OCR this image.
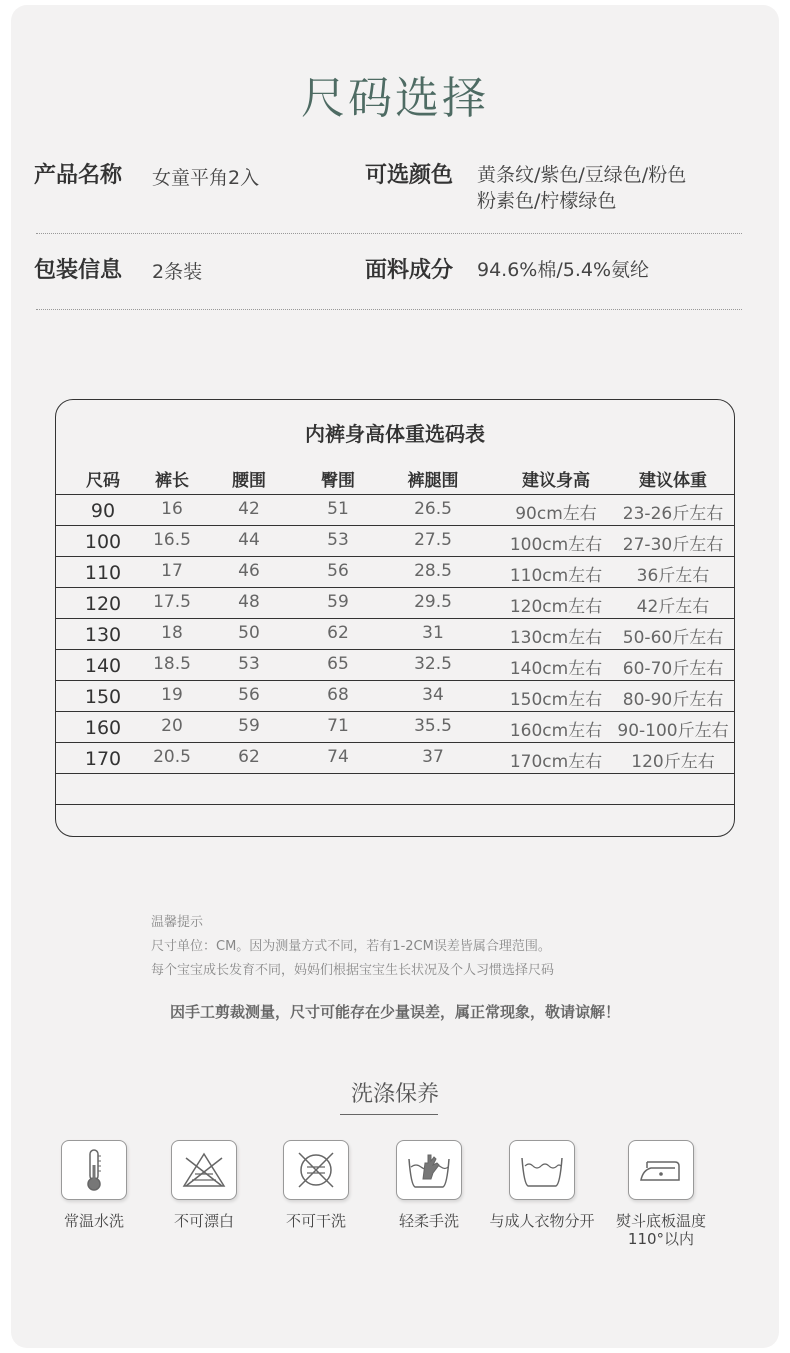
尺码选择
产品名称 女童平角2入	可选颜色 黄条纹/紫色/豆绿色/粉色
粉素色/柠檬绿色
包装信息 2条装	面料成分 94.6%棉/5.4%氨纶
内裤身高体重选码表
尺码 裤长	腰围	臀围	裤腿围	建议身高	建议体重
90	16	42	51	26.5	90cm左右 23-26斤左右
100 16.5	44	53	27.5	100cm左右 27-30斤左右
110 17	46	56	28.5	110cm左右 36斤左右
120 17.5	48	59	29.5	120cm左右 42斤左右
130 18	50	62	31	130cm左右 50-60斤左右
140 18.5	53	65	32.5	140cm左右 60-70斤左右
150 19	56	68	34	150cm左右 80-90斤左右
160 20	59	71	35.5	160cm左右 90-100斤左右
170 20.5	62	74	37	170cm左右 120斤左右
温馨提示
尺寸单位：CM。因为测量方式不同，若有1-2CM误差皆属合理范围。
每个宝宝成长发育不同，妈妈们根据宝宝生长状况及个人习惯选择尺码
因手工剪裁测量，尺寸可能存在少量误差，属正常现象，敬请谅解！
洗涤保养
常温水洗	不可漂白	不可干洗	轻柔手洗	与成人衣物分开	熨斗底板温度
110°以内
